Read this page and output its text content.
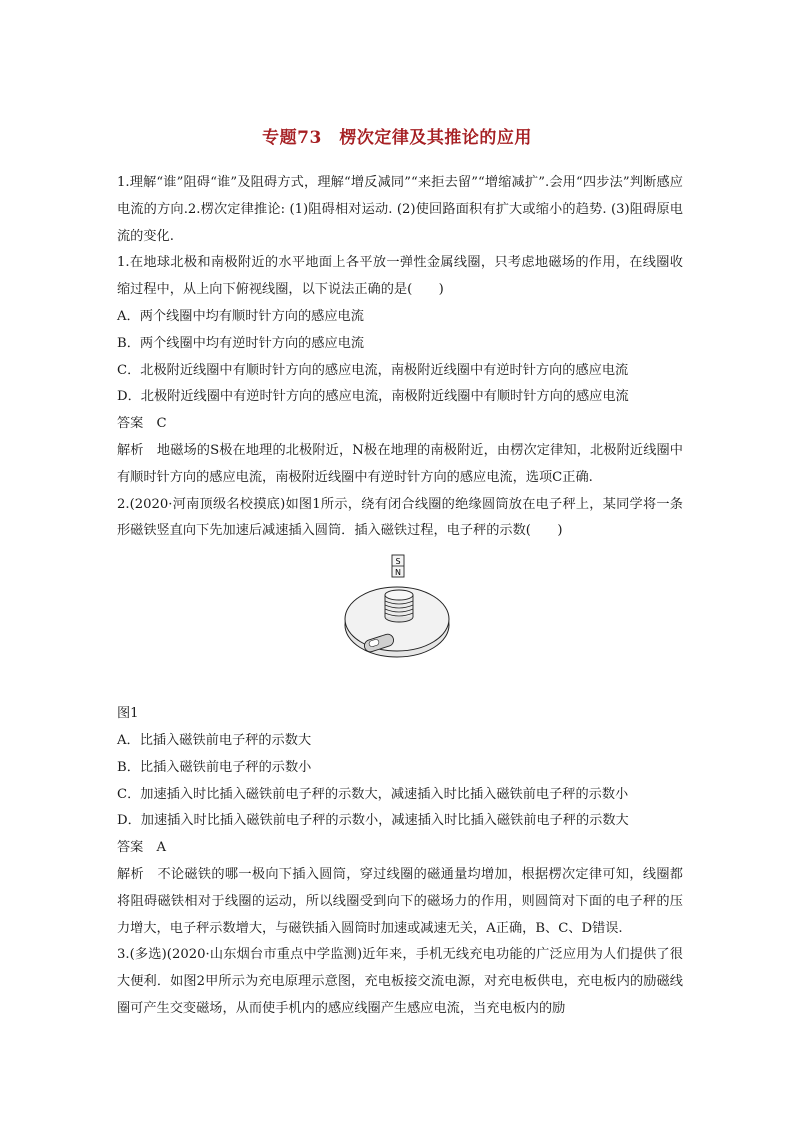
专题73　楞次定律及其推论的应用

1.理解“谁”阻碍“谁”及阻碍方式，理解“增反减同”“来拒去留”“增缩减扩”.会用“四步法”判断感应电流的方向.2.楞次定律推论: (1)阻碍相对运动. (2)使回路面积有扩大或缩小的趋势. (3)阻碍原电流的变化.

1.在地球北极和南极附近的水平地面上各平放一弹性金属线圈，只考虑地磁场的作用，在线圈收缩过程中，从上向下俯视线圈，以下说法正确的是(　　)

A．两个线圈中均有顺时针方向的感应电流

B．两个线圈中均有逆时针方向的感应电流

C．北极附近线圈中有顺时针方向的感应电流，南极附近线圈中有逆时针方向的感应电流

D．北极附近线圈中有逆时针方向的感应电流，南极附近线圈中有顺时针方向的感应电流

答案　C

解析　地磁场的S极在地理的北极附近，N极在地理的南极附近，由楞次定律知，北极附近线圈中有顺时针方向的感应电流，南极附近线圈中有逆时针方向的感应电流，选项C正确.

2.(2020·河南顶级名校摸底)如图1所示，绕有闭合线圈的绝缘圆筒放在电子秤上，某同学将一条形磁铁竖直向下先加速后减速插入圆筒．插入磁铁过程，电子秤的示数(　　)

S
N

图1

A．比插入磁铁前电子秤的示数大

B．比插入磁铁前电子秤的示数小

C．加速插入时比插入磁铁前电子秤的示数大，减速插入时比插入磁铁前电子秤的示数小

D．加速插入时比插入磁铁前电子秤的示数小，减速插入时比插入磁铁前电子秤的示数大

答案　A

解析　不论磁铁的哪一极向下插入圆筒，穿过线圈的磁通量均增加，根据楞次定律可知，线圈都将阻碍磁铁相对于线圈的运动，所以线圈受到向下的磁场力的作用，则圆筒对下面的电子秤的压力增大，电子秤示数增大，与磁铁插入圆筒时加速或减速无关，A正确，B、C、D错误.

3.(多选)(2020·山东烟台市重点中学监测)近年来，手机无线充电功能的广泛应用为人们提供了很大便利．如图2甲所示为充电原理示意图，充电板接交流电源，对充电板供电，充电板内的励磁线圈可产生交变磁场，从而使手机内的感应线圈产生感应电流，当充电板内的励
